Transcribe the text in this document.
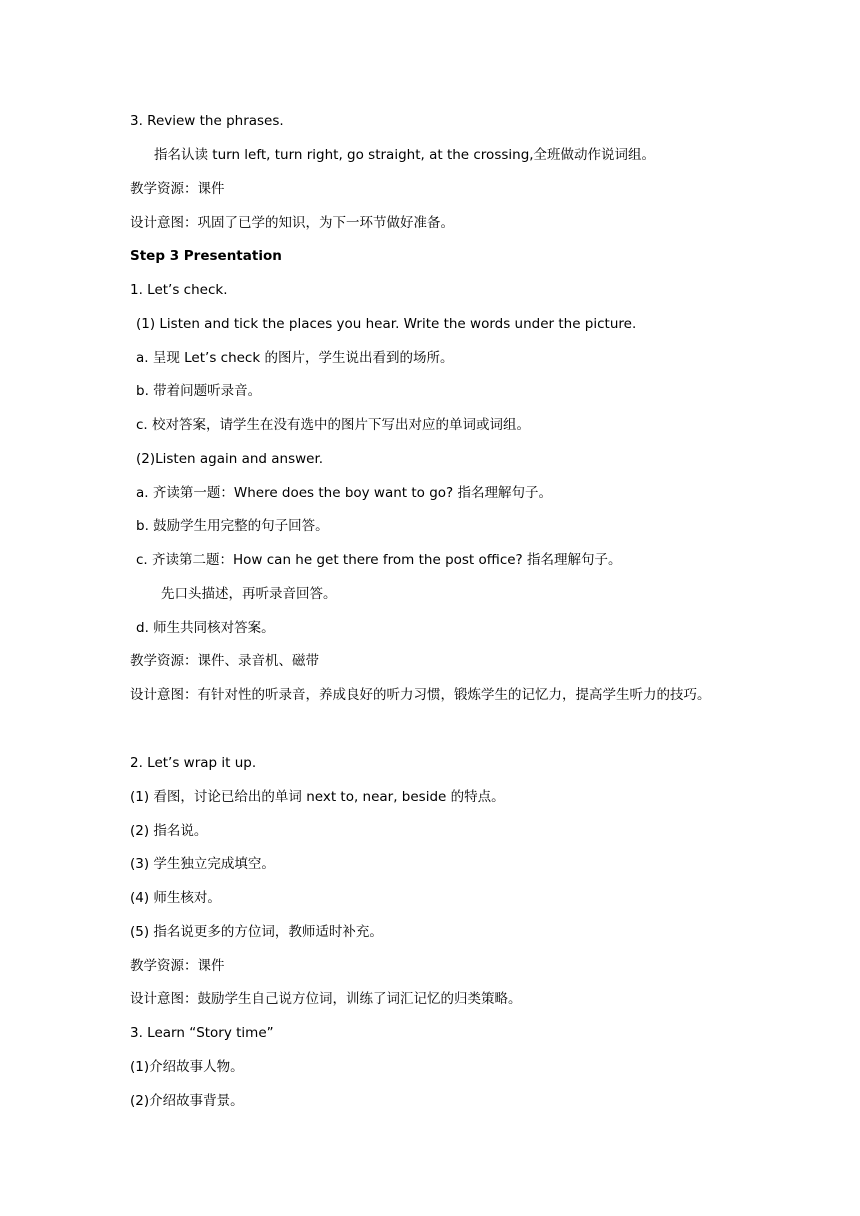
3. Review the phrases.
指名认读 turn left, turn right, go straight, at the crossing,全班做动作说词组。
教学资源：课件
设计意图：巩固了已学的知识，为下一环节做好准备。
Step 3 Presentation
1. Let’s check.
(1) Listen and tick the places you hear. Write the words under the picture.
a. 呈现 Let’s check 的图片，学生说出看到的场所。
b. 带着问题听录音。
c. 校对答案，请学生在没有选中的图片下写出对应的单词或词组。
(2)Listen again and answer.
a. 齐读第一题：Where does the boy want to go? 指名理解句子。
b. 鼓励学生用完整的句子回答。
c. 齐读第二题：How can he get there from the post office? 指名理解句子。
先口头描述，再听录音回答。
d. 师生共同核对答案。
教学资源：课件、录音机、磁带
设计意图：有针对性的听录音，养成良好的听力习惯，锻炼学生的记忆力，提高学生听力的技巧。
2. Let’s wrap it up.
(1) 看图，讨论已给出的单词 next to, near, beside 的特点。
(2) 指名说。
(3) 学生独立完成填空。
(4) 师生核对。
(5) 指名说更多的方位词，教师适时补充。
教学资源：课件
设计意图：鼓励学生自己说方位词，训练了词汇记忆的归类策略。
3. Learn “Story time”
(1)介绍故事人物。
(2)介绍故事背景。
